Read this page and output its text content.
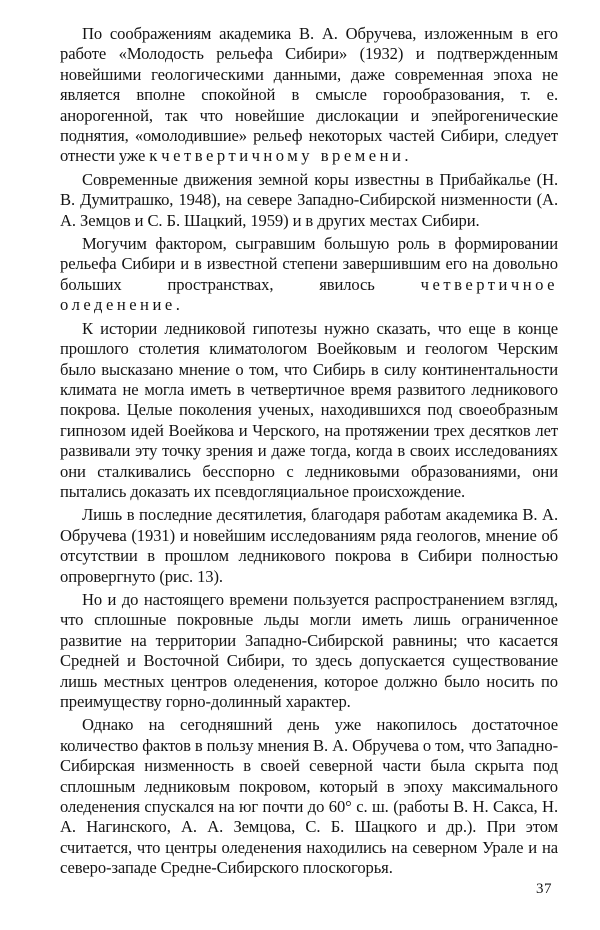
По соображениям академика В. А. Обручева, изложенным в его работе «Молодость рельефа Сибири» (1932) и подтвержденным новейшими геологическими данными, даже современная эпоха не является вполне спокойной в смысле горообразования, т. е. анорогенной, так что новейшие дислокации и эпейрогенические поднятия, «омолодившие» рельеф некоторых частей Сибири, следует отнести уже к четвертичному времени.

Современные движения земной коры известны в Прибайкалье (Н. В. Думитрашко, 1948), на севере Западно-Сибирской низменности (А. А. Земцов и С. Б. Шацкий, 1959) и в других местах Сибири.

Могучим фактором, сыгравшим большую роль в формировании рельефа Сибири и в известной степени завершившим его на довольно больших пространствах, явилось четвертичное оледенение.

К истории ледниковой гипотезы нужно сказать, что еще в конце прошлого столетия климатологом Воейковым и геологом Черским было высказано мнение о том, что Сибирь в силу континентальности климата не могла иметь в четвертичное время развитого ледникового покрова. Целые поколения ученых, находившихся под своеобразным гипнозом идей Воейкова и Черского, на протяжении трех десятков лет развивали эту точку зрения и даже тогда, когда в своих исследованиях они сталкивались бесспорно с ледниковыми образованиями, они пытались доказать их псевдогляциальное происхождение.

Лишь в последние десятилетия, благодаря работам академика В. А. Обручева (1931) и новейшим исследованиям ряда геологов, мнение об отсутствии в прошлом ледникового покрова в Сибири полностью опровергнуто (рис. 13).

Но и до настоящего времени пользуется распространением взгляд, что сплошные покровные льды могли иметь лишь ограниченное развитие на территории Западно-Сибирской равнины; что касается Средней и Восточной Сибири, то здесь допускается существование лишь местных центров оледенения, которое должно было носить по преимуществу горно-долинный характер.

Однако на сегодняшний день уже накопилось достаточное количество фактов в пользу мнения В. А. Обручева о том, что Западно-Сибирская низменность в своей северной части была скрыта под сплошным ледниковым покровом, который в эпоху максимального оледенения спускался на юг почти до 60° с. ш. (работы В. Н. Сакса, Н. А. Нагинского, А. А. Земцова, С. Б. Шацкого и др.). При этом считается, что центры оледенения находились на северном Урале и на северо-западе Средне-Сибирского плоскогорья.

37
